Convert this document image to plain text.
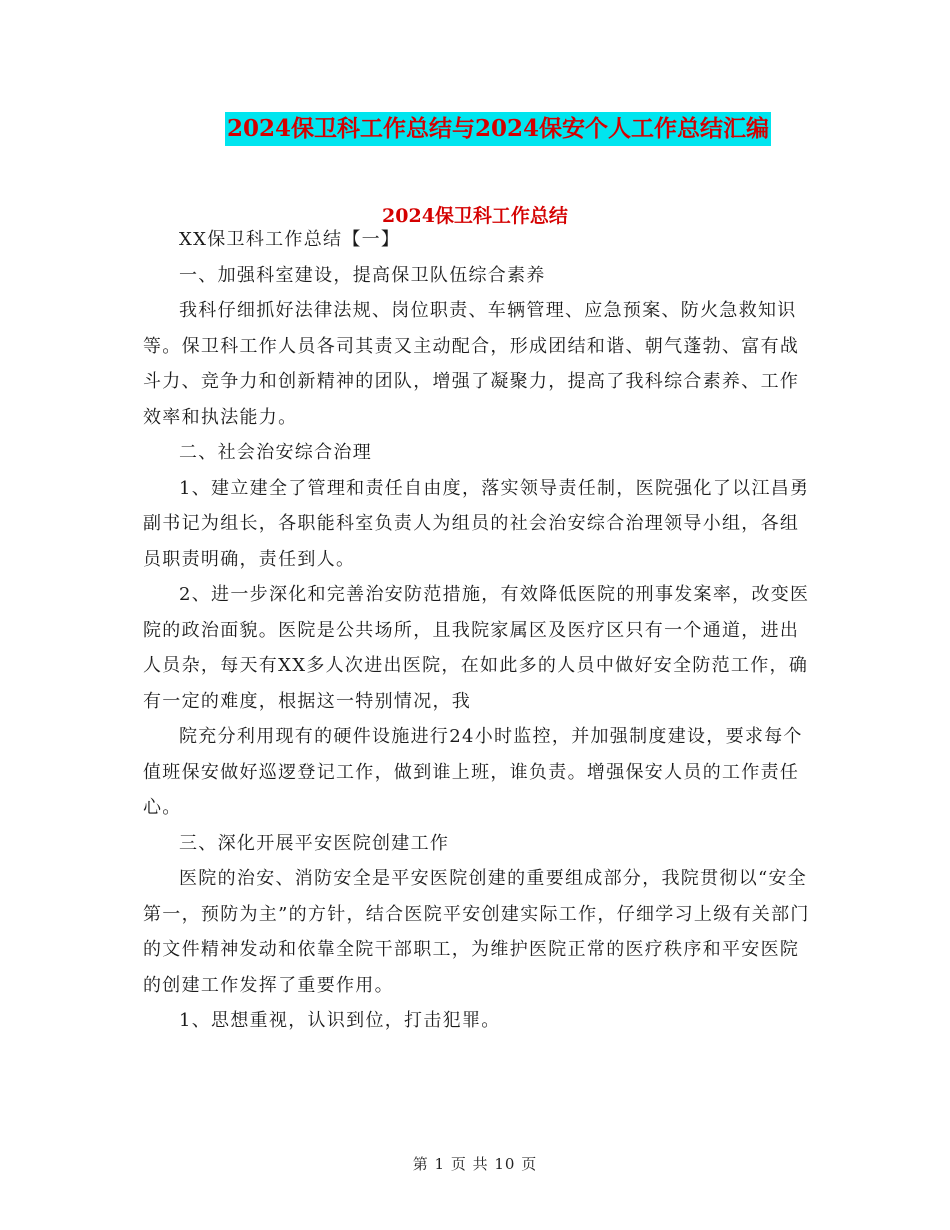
2024保卫科工作总结与2024保安个人工作总结汇编
2024保卫科工作总结

XX保卫科工作总结【一】

一、加强科室建设，提高保卫队伍综合素养

我科仔细抓好法律法规、岗位职责、车辆管理、应急预案、防火急救知识等。保卫科工作人员各司其责又主动配合，形成团结和谐、朝气蓬勃、富有战斗力、竞争力和创新精神的团队，增强了凝聚力，提高了我科综合素养、工作效率和执法能力。

二、社会治安综合治理

1、建立建全了管理和责任自由度，落实领导责任制，医院强化了以江昌勇副书记为组长，各职能科室负责人为组员的社会治安综合治理领导小组，各组员职责明确，责任到人。

2、进一步深化和完善治安防范措施，有效降低医院的刑事发案率，改变医院的政治面貌。医院是公共场所，且我院家属区及医疗区只有一个通道，进出人员杂，每天有XX多人次进出医院，在如此多的人员中做好安全防范工作，确有一定的难度，根据这一特别情况，我

院充分利用现有的硬件设施进行24小时监控，并加强制度建设，要求每个值班保安做好巡逻登记工作，做到谁上班，谁负责。增强保安人员的工作责任心。

三、深化开展平安医院创建工作

医院的治安、消防安全是平安医院创建的重要组成部分，我院贯彻以“安全第一，预防为主”的方针，结合医院平安创建实际工作，仔细学习上级有关部门的文件精神发动和依靠全院干部职工，为维护医院正常的医疗秩序和平安医院的创建工作发挥了重要作用。

1、思想重视，认识到位，打击犯罪。

第 1 页 共 10 页
